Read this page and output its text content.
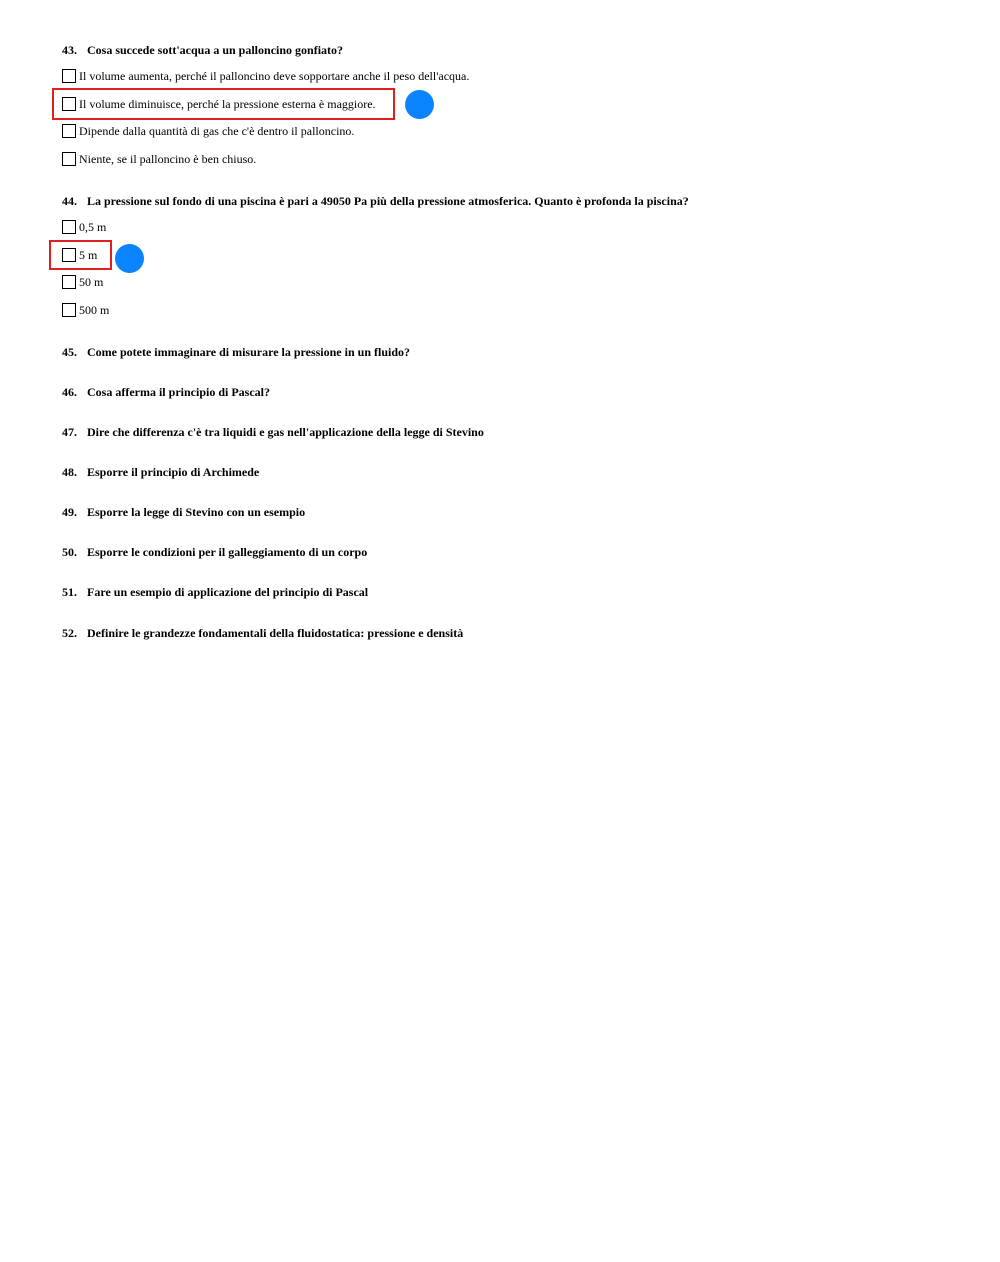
43. Cosa succede sott'acqua a un palloncino gonfiato?
Il volume aumenta, perché il palloncino deve sopportare anche il peso dell'acqua.
Il volume diminuisce, perché la pressione esterna è maggiore.
Dipende dalla quantità di gas che c'è dentro il palloncino.
Niente, se il palloncino è ben chiuso.
44. La pressione sul fondo di una piscina è pari a 49050 Pa più della pressione atmosferica. Quanto è profonda la piscina?
0,5 m
5 m
50 m
500 m
45. Come potete immaginare di misurare la pressione in un fluido?
46. Cosa afferma il principio di Pascal?
47. Dire che differenza c'è tra liquidi e gas nell'applicazione della legge di Stevino
48. Esporre il principio di Archimede
49. Esporre la legge di Stevino con un esempio
50. Esporre le condizioni per il galleggiamento di un corpo
51. Fare un esempio di applicazione del principio di Pascal
52. Definire le grandezze fondamentali della fluidostatica: pressione e densità
